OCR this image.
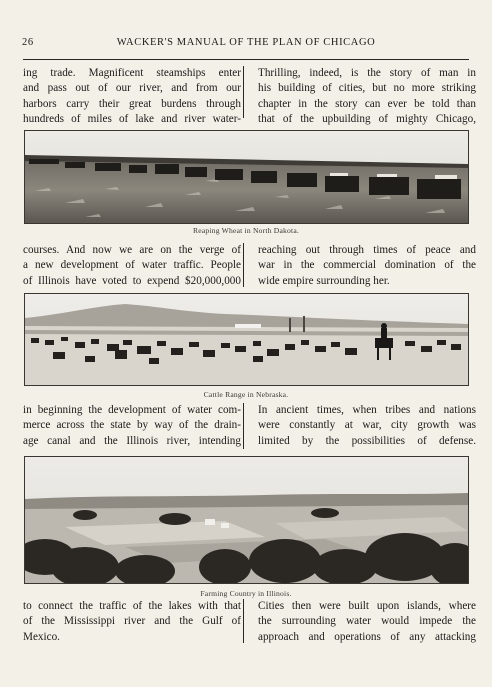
26	WACKER'S MANUAL OF THE PLAN OF CHICAGO
ing trade. Magnificent steamships enter
and pass out of our river, and from our
harbors carry their great burdens through
hundreds of miles of lake and river water-
Thrilling, indeed, is the story of man in
his building of cities, but no more striking
chapter in the story can ever be told than
that of the upbuilding of mighty Chicago,
Reaping Wheat in North Dakota.
courses. And now we are on the verge of
a new development of water traffic. People
of Illinois have voted to expend $20,000,000
reaching out through times of peace and
war in the commercial domination of the
wide empire surrounding her.
Cattle Range in Nebraska.
in beginning the development of water com-
merce across the state by way of the drain-
age canal and the Illinois river, intending
In ancient times, when tribes and nations
were constantly at war, city growth was
limited by the possibilities of defense.
Farming Country in Illinois.
to connect the traffic of the lakes with that
of the Mississippi river and the Gulf of
Mexico.
Cities then were built upon islands, where
the surrounding water would impede the
approach and operations of any attacking
